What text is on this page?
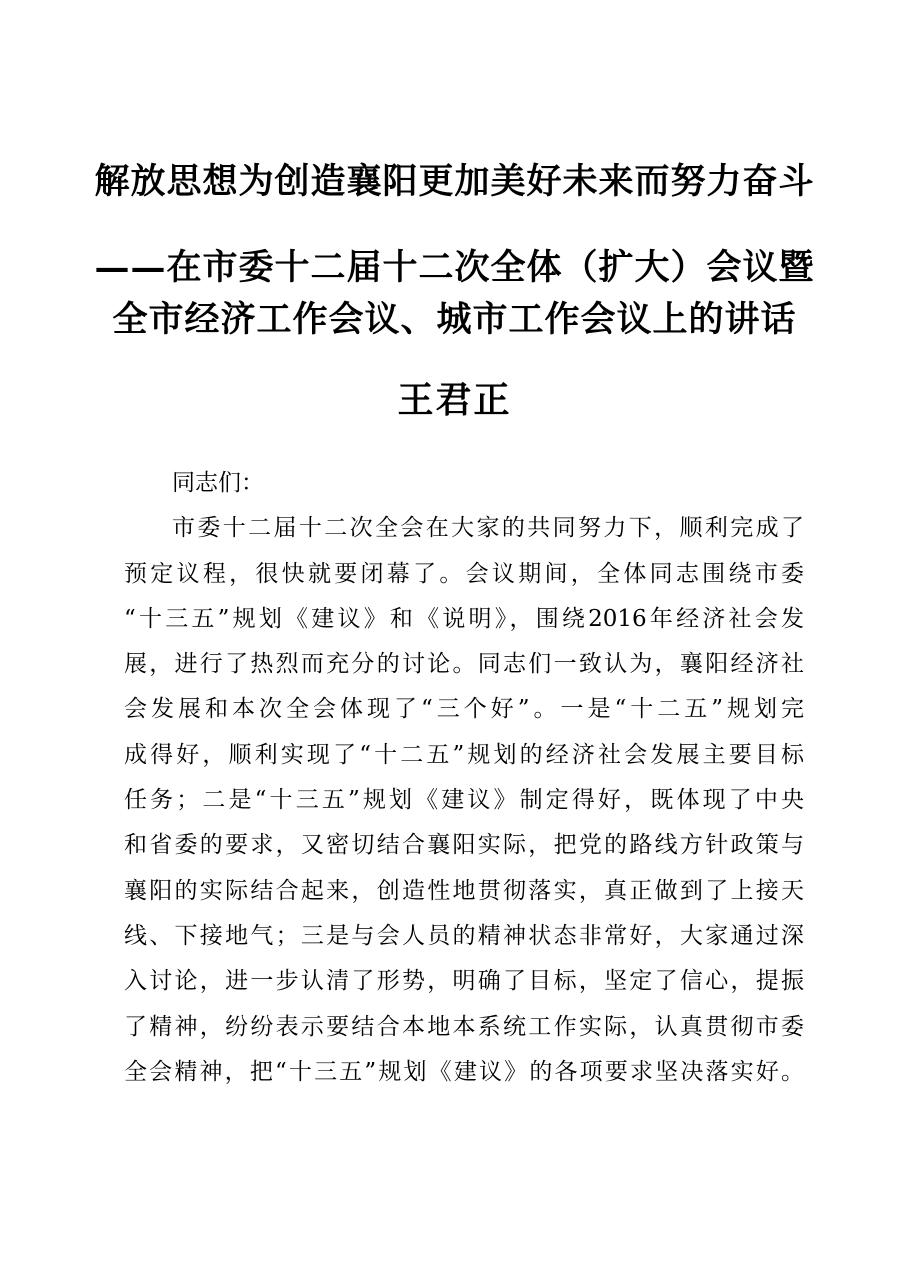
解放思想为创造襄阳更加美好未来而努力奋斗
——在市委十二届十二次全体（扩大）会议暨
全市经济工作会议、城市工作会议上的讲话
王君正
同志们：
市委十二届十二次全会在大家的共同努力下，顺利完成了
预定议程，很快就要闭幕了。会议期间，全体同志围绕市委
“十三五”规划《建议》和《说明》，围绕2016年经济社会发
展，进行了热烈而充分的讨论。同志们一致认为，襄阳经济社
会发展和本次全会体现了“三个好”。一是“十二五”规划完
成得好，顺利实现了“十二五”规划的经济社会发展主要目标
任务；二是“十三五”规划《建议》制定得好，既体现了中央
和省委的要求，又密切结合襄阳实际，把党的路线方针政策与
襄阳的实际结合起来，创造性地贯彻落实，真正做到了上接天
线、下接地气；三是与会人员的精神状态非常好，大家通过深
入讨论，进一步认清了形势，明确了目标，坚定了信心，提振
了精神，纷纷表示要结合本地本系统工作实际，认真贯彻市委
全会精神，把“十三五”规划《建议》的各项要求坚决落实好。
